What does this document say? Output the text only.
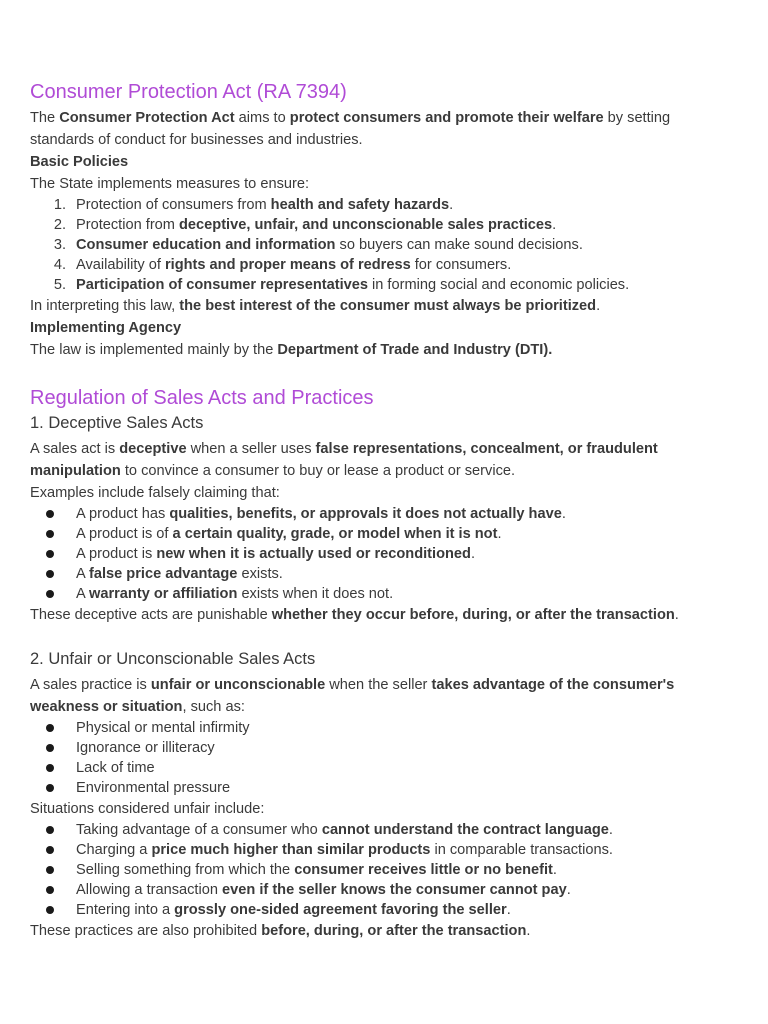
Consumer Protection Act (RA 7394)

The Consumer Protection Act aims to protect consumers and promote their welfare by setting standards of conduct for businesses and industries.

Basic Policies

The State implements measures to ensure:

1. Protection of consumers from health and safety hazards.
2. Protection from deceptive, unfair, and unconscionable sales practices.
3. Consumer education and information so buyers can make sound decisions.
4. Availability of rights and proper means of redress for consumers.
5. Participation of consumer representatives in forming social and economic policies.

In interpreting this law, the best interest of the consumer must always be prioritized.

Implementing Agency

The law is implemented mainly by the Department of Trade and Industry (DTI).

Regulation of Sales Acts and Practices
1. Deceptive Sales Acts

A sales act is deceptive when a seller uses false representations, concealment, or fraudulent manipulation to convince a consumer to buy or lease a product or service.

Examples include falsely claiming that:

A product has qualities, benefits, or approvals it does not actually have.
A product is of a certain quality, grade, or model when it is not.
A product is new when it is actually used or reconditioned.
A false price advantage exists.
A warranty or affiliation exists when it does not.

These deceptive acts are punishable whether they occur before, during, or after the transaction.

2. Unfair or Unconscionable Sales Acts

A sales practice is unfair or unconscionable when the seller takes advantage of the consumer's weakness or situation, such as:

Physical or mental infirmity
Ignorance or illiteracy
Lack of time
Environmental pressure

Situations considered unfair include:

Taking advantage of a consumer who cannot understand the contract language.
Charging a price much higher than similar products in comparable transactions.
Selling something from which the consumer receives little or no benefit.
Allowing a transaction even if the seller knows the consumer cannot pay.
Entering into a grossly one-sided agreement favoring the seller.

These practices are also prohibited before, during, or after the transaction.
